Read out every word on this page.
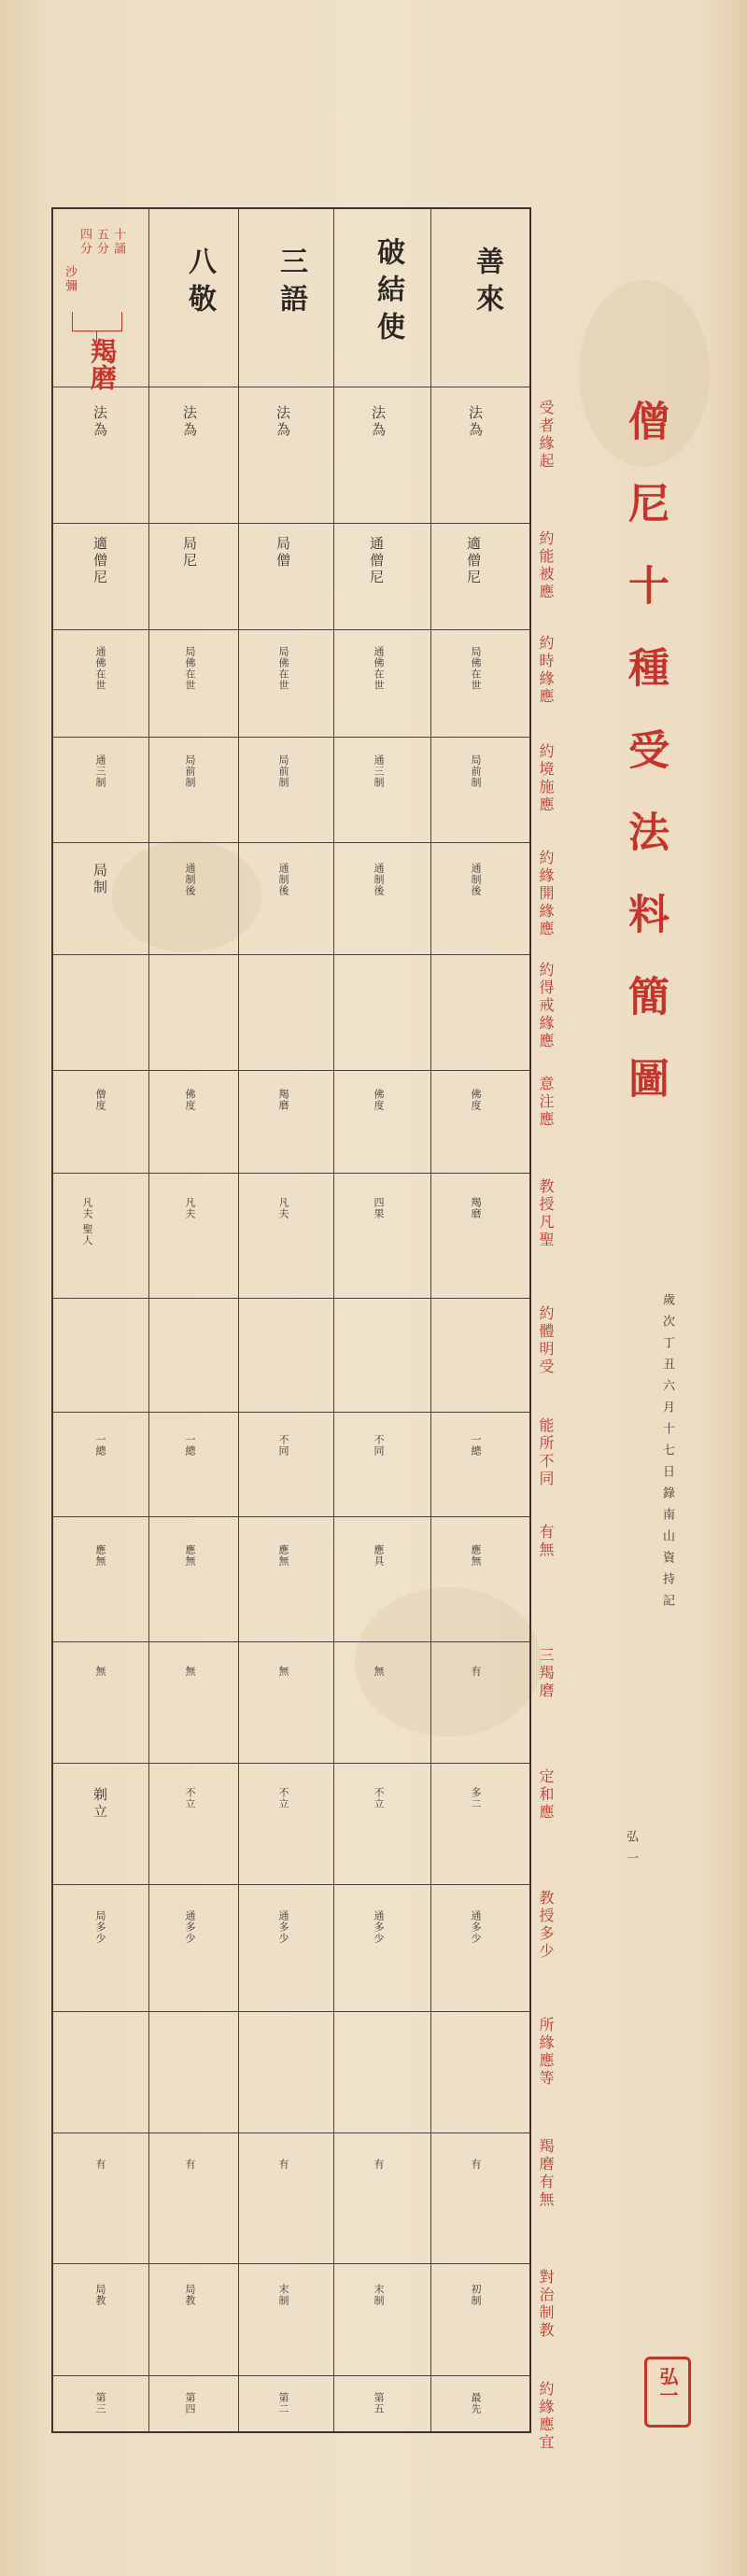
僧尼十種受法料簡圖
歲次丁丑六月十七日錄南山資持記
弘一
弘一
善來
破結使
三語
八敬
十誦
五分
四分
沙彌
羯磨
法為
法為
法為
法為
法為
適僧尼
通僧尼
局僧
局尼
適僧尼
局佛在世
通佛在世
局佛在世
局佛在世
通佛在世
局前制
通三制
局前制
局前制
通三制
通制後
通制後
通制後
通制後
局制
佛度
佛度
羯磨
佛度
僧度
羯磨
四果
凡夫
凡夫
凡夫 聖人
一總
不同
不同
一總
一總
應無
應具
應無
應無
應無
有
無
無
無
無
多二
不立
不立
不立
剃立
通多少
通多少
通多少
通多少
局多少
有
有
有
有
有
初制
末制
末制
局教
局教
最先
第五
第二
第四
第三
受者緣起
約能被應
約時緣應
約境施應
約緣開緣應
約得戒緣應
意注應
教授凡聖
約體明受
能所不同
有無
三羯磨
定和應
教授多少
所緣應等
羯磨有無
對治制教
約緣應宜
